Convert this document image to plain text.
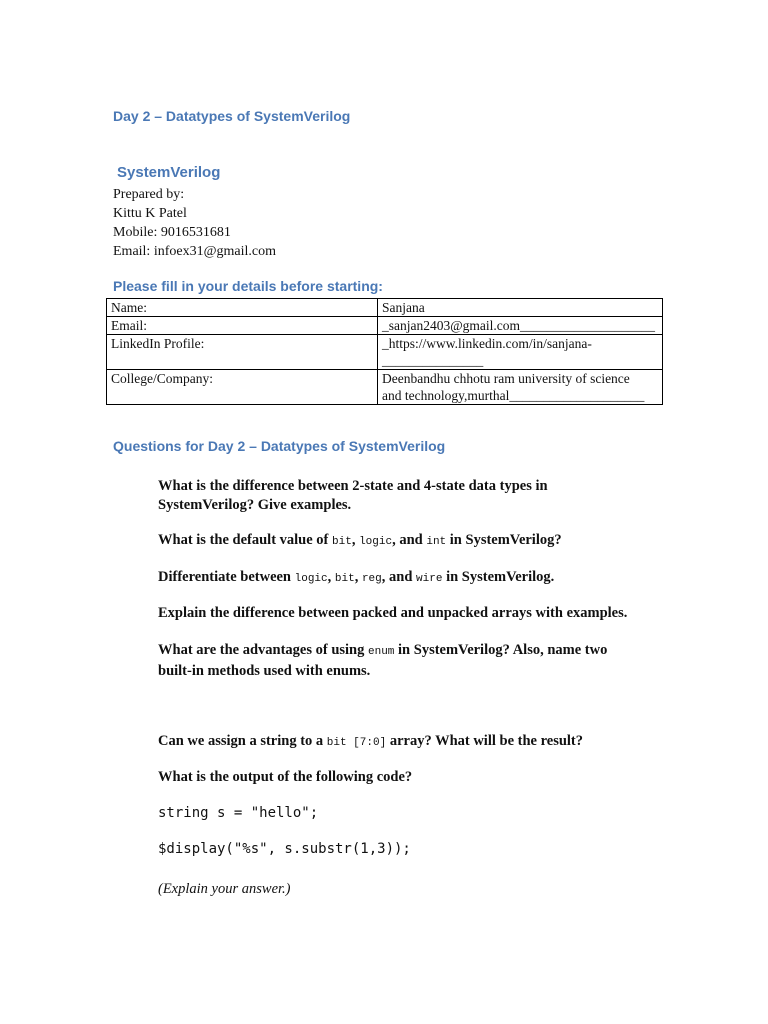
Day 2 – Datatypes of SystemVerilog
SystemVerilog
Prepared by:
Kittu K Patel
Mobile: 9016531681
Email: infoex31@gmail.com
Please fill in your details before starting:
Name:	Sanjana
Email:	_sanjan2403@gmail.com____________________
LinkedIn Profile:	_https://www.linkedin.com/in/sanjana-
_______________

College/Company:	Deenbandhu chhotu ram university of science
and technology,murthal____________________
Questions for Day 2 – Datatypes of SystemVerilog
What is the difference between 2-state and 4-state data types in
SystemVerilog? Give examples.
What is the default value of bit, logic, and int in SystemVerilog?
Differentiate between logic, bit, reg, and wire in SystemVerilog.
Explain the difference between packed and unpacked arrays with examples.
What are the advantages of using enum in SystemVerilog? Also, name two
built-in methods used with enums.
Can we assign a string to a bit [7:0] array? What will be the result?
What is the output of the following code?
string s = "hello";
$display("%s", s.substr(1,3));
(Explain your answer.)
